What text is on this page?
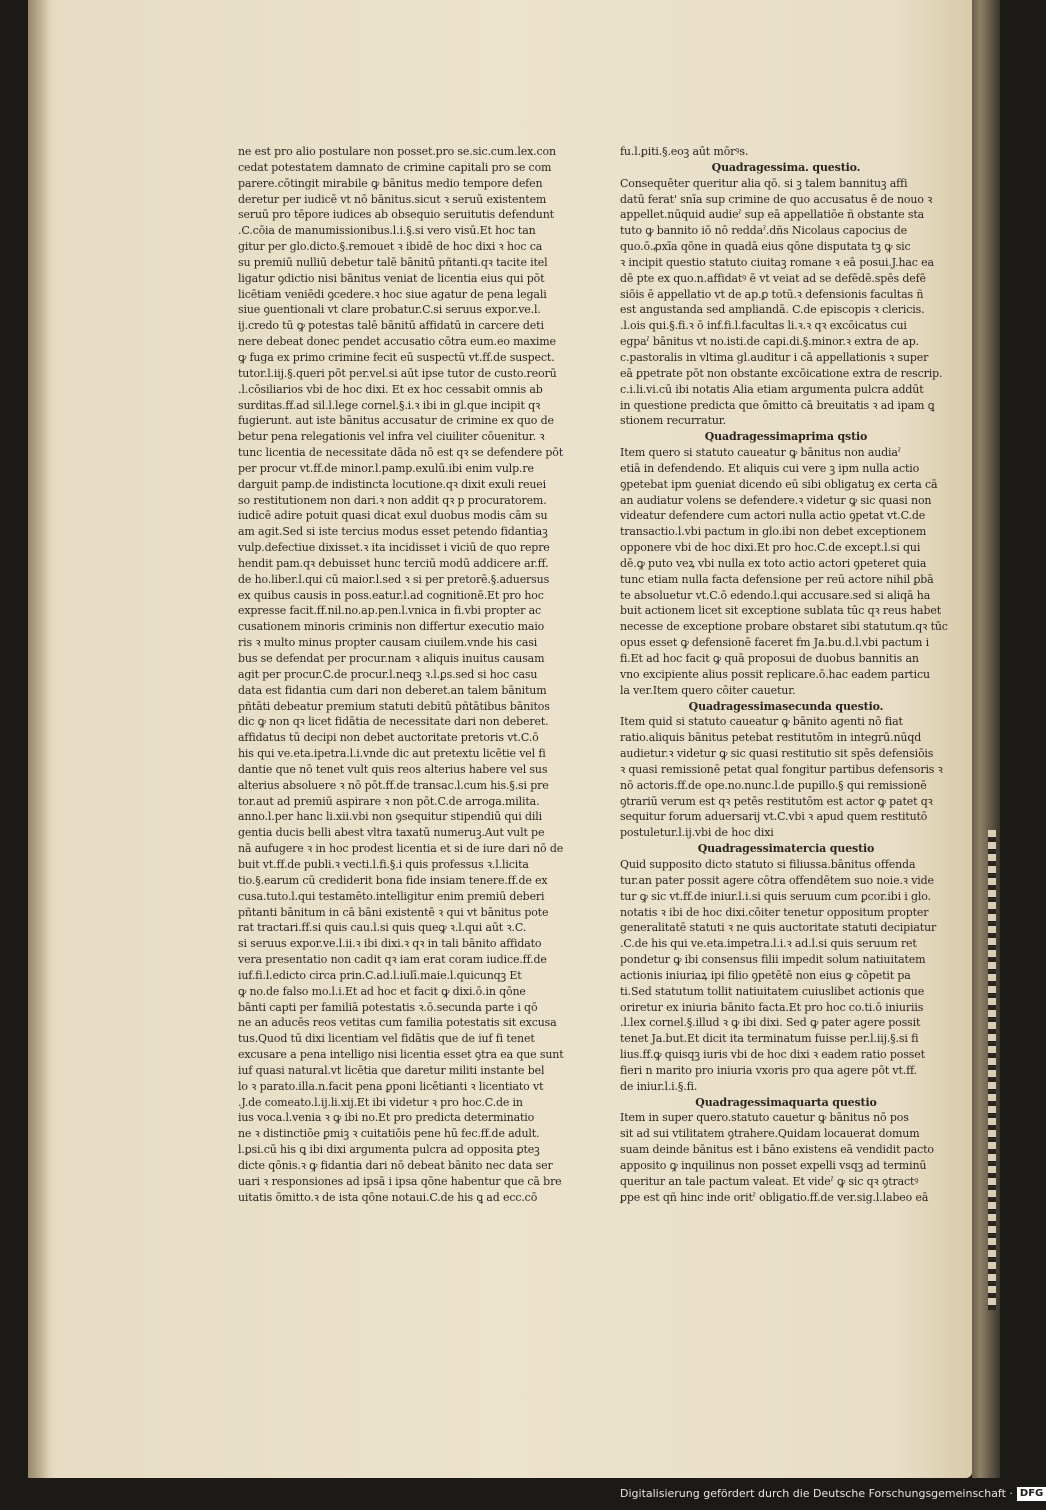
ne est pro alio postulare non posset.pro se.sic.cum.lex.con
cedat potestatem damnato de crimine capitali pro se com
parere.cōtingit mirabile ꝙ bānitus medio tempore defen
deretur per iudicē vt nō bānitus.sicut ꝛ seruū existentem
seruū pro tēpore iudices ab obsequio seruitutis defendunt
.C.cōia de manumissionibus.l.i.§.si vero visū.Et hoc tan
gitur per glo.dicto.§.remouet ꝛ ibidē de hoc dixi ꝛ hoc ca
su premiū nulliū debetur talē bānitū pñtanti.qꝛ tacite itel
ligatur ꝯdictio nisi bānitus veniat de licentia eius qui pōt
licētiam veniēdi ꝯcedere.ꝛ hoc siue agatur de pena legali
siue ꝯuentionali vt clare probatur.C.si seruus expor.ve.l.
ij.credo tū ꝙ potestas talē bānitū affidatū in carcere deti
nere debeat donec pendet accusatio cōtra eum.eo maxime
ꝙ fuga ex primo crimine fecit eū suspectū vt.ff.de suspect.
tutor.l.iij.§.queri pōt per.vel.si aūt ipse tutor de custo.reorū
.l.cōsiliarios vbi de hoc dixi. Et ex hoc cessabit omnis ab
surditas.ff.ad sil.l.lege cornel.§.i.ꝛ ibi in gl.que incipit qꝛ
fugierunt. aut iste bānitus accusatur de crimine ex quo de
betur pena relegationis vel infra vel ciuiliter cōuenitur. ꝛ
tunc licentia de necessitate dāda nō est qꝛ se defendere pōt
per procur vt.ff.de minor.l.pamp.exulū.ibi enim vulp.re
darguit pamp.de indistincta locutione.qꝛ dixit exuli reuei
so restitutionem non dari.ꝛ non addit qꝛ p procuratorem.
iudicē adire potuit quasi dicat exul duobus modis cām su
am agit.Sed si iste tercius modus esset petendo fidantiaꝫ
vulp.defectiue dixisset.ꝛ ita incidisset i viciū de quo repre
hendit pam.qꝛ debuisset hunc terciū modū addicere ar.ff.
de ho.liber.l.qui cū maior.l.sed ꝛ si per pretorē.§.aduersus
ex quibus causis in poss.eatur.l.ad cognitionē.Et pro hoc
expresse facit.ff.nil.no.ap.pen.l.vnica in fi.vbi propter ac
cusationem minoris criminis non differtur executio maio
ris ꝛ multo minus propter causam ciuilem.vnde his casi
bus se defendat per procur.nam ꝛ aliquis inuitus causam
agit per procur.C.de procur.l.neqꝫ ꝛ.l.ꝑs.sed si hoc casu
data est fidantia cum dari non deberet.an talem bānitum
pñtāti debeatur premium statuti debitū pñtātibus bānitos
dic ꝙ non qꝛ licet fidātia de necessitate dari non deberet.
affidatus tū decipi non debet auctoritate pretoris vt.C.ō
his qui ve.eta.ipetra.l.i.vnde dic aut pretextu licētie vel fi
dantie que nō tenet vult quis reos alterius habere vel sus
alterius absoluere ꝛ nō pōt.ff.de transac.l.cum his.§.si pre
tor.aut ad premiū aspirare ꝛ non pōt.C.de arroga.milita.
anno.l.per hanc li.xii.vbi non ꝯsequitur stipendiū qui dili
gentia ducis belli abest vltra taxatū numeruꝫ.Aut vult pe
nā aufugere ꝛ in hoc prodest licentia et si de iure dari nō de
buit vt.ff.de publi.ꝛ vecti.l.fi.§.i quis professus ꝛ.l.licita
tio.§.earum cū crediderit bona fide insiam tenere.ff.de ex
cusa.tuto.l.qui testamēto.intelligitur enim premiū deberi
pñtanti bānitum in cā bāni existentē ꝛ qui vt bānitus pote
rat tractari.ff.si quis cau.l.si quis queꝙ ꝛ.l.qui aūt ꝛ.C.
si seruus expor.ve.l.ii.ꝛ ibi dixi.ꝛ qꝛ in tali bānito affidato
vera presentatio non cadit qꝛ iam erat coram iudice.ff.de
iuf.fi.l.edicto circa prin.C.ad.l.iulī.maie.l.quicunqꝫ Et
ꝙ no.de falso mo.l.i.Et ad hoc et facit ꝙ dixi.ō.in qōne
bānti capti per familiā potestatis ꝛ.ō.secunda parte i qō
ne an aducēs reos vetitas cum familia potestatis sit excusa
tus.Quod tū dixi licentiam vel fidātis que de iuf fi tenet
excusare a pena intelligo nisi licentia esset ꝯtra ea que sunt
iuf quasi natural.vt licētia que daretur militi instante bel
lo ꝛ parato.illa.n.facit pena ꝑponi licētianti ꝛ licentiato vt
.J.de comeato.l.ij.li.xij.Et ibi videtur ꝛ pro hoc.C.de in
ius voca.l.venia ꝛ ꝙ ibi no.Et pro predicta determinatio
ne ꝛ distinctiōe ꝑmiꝫ ꝛ cuitatiōis pene hū fec.ff.de adult.
l.ꝑsi.cū his ꝗ ibi dixi argumenta pulcra ad opposita ꝑteꝫ
dicte qōnis.ꝛ ꝙ fidantia dari nō debeat bānito nec data ser
uari ꝛ responsiones ad ipsā i ipsa qōne habentur que cā bre
uitatis ōmitto.ꝛ de ista qōne notaui.C.de his ꝗ ad ecc.cō
fu.l.ꝑiti.§.eoꝫ aūt mōrꝰs.
Quadragessima. questio.
Consequēter queritur alia qō. si ꝫ talem bannituꝫ affi
datū ferat' snīa sup crimine de quo accusatus ē de nouo ꝛ
appellet.nūquid audieˀ sup eā appellatiōe ñ obstante sta
tuto ꝙ bannito iō nō reddaˀ.dñs Nicolaus capocius de
quo.ō.ꝓxīa qōne in quadā eius qōne disputata tꝫ ꝙ sic
ꝛ incipit questio statuto ciuitaꝫ romane ꝛ eā posui.J.hac ea
dē pte ex quo.n.affidatꝰ ē vt veiat ad se defēdē.spēs defē
siōis ē appellatio vt de ap.ꝑ totū.ꝛ defensionis facultas ñ
est angustanda sed ampliandā. C.de episcopis ꝛ clericis.
.l.ois qui.§.fi.ꝛ ō inf.fi.l.facultas li.ꝛ.ꝛ qꝛ excōicatus cui
egpaˀ bānitus vt no.isti.de capi.di.§.minor.ꝛ extra de ap.
c.pastoralis in vltima gl.auditur i cā appellationis ꝛ super
eā ꝑpetrate pōt non obstante excōicatione extra de rescrip.
c.i.li.vi.cū ibi notatis Alia etiam argumenta pulcra addūt
in questione predicta que ōmitto cā breuitatis ꝛ ad ipam ꝗ
stionem recurratur.
Quadragessimaprima qstio
Item quero si statuto caueatur ꝙ bānitus non audiaˀ
etiā in defendendo. Et aliquis cui vere ꝫ ipm nulla actio
ꝯpetebat ipm ꝯueniat dicendo eū sibi obligatuꝫ ex certa cā
an audiatur volens se defendere.ꝛ videtur ꝙ sic quasi non
videatur defendere cum actori nulla actio ꝯpetat vt.C.de
transactio.l.vbi pactum in glo.ibi non debet exceptionem
opponere vbi de hoc dixi.Et pro hoc.C.de except.l.si qui
dē.ꝙ puto veꝝ vbi nulla ex toto actio actori ꝯpeteret quia
tunc etiam nulla facta defensione per reū actore nihil ꝑbā
te absoluetur vt.C.ō edendo.l.qui accusare.sed si aliqā ha
buit actionem licet sit exceptione sublata tūc qꝛ reus habet
necesse de exceptione probare obstaret sibi statutum.qꝛ tūc
opus esset ꝙ defensionē faceret fm Ja.bu.d.l.vbi pactum i
fi.Et ad hoc facit ꝙ quā proposui de duobus bannitis an
vno excipiente alius possit replicare.ō.hac eadem particu
la ver.Item quero cōiter cauetur.
Quadragessimasecunda questio.
Item quid si statuto caueatur ꝙ bānito agenti nō fiat
ratio.aliquis bānitus petebat restitutōm in integrū.nūqd
audietur.ꝛ videtur ꝙ sic quasi restitutio sit spēs defensiōis
ꝛ quasi remissionē petat qual fongitur partibus defensoris ꝛ
nō actoris.ff.de ope.no.nunc.l.de pupillo.§ qui remissionē
ꝯtrariū verum est qꝛ petēs restitutōm est actor ꝙ patet qꝛ
sequitur forum aduersarij vt.C.vbi ꝛ apud quem restitutō
postuletur.l.ij.vbi de hoc dixi
Quadragessimatercia questio
Quid supposito dicto statuto si filiussa.bānitus offenda
tur.an pater possit agere cōtra offendētem suo noie.ꝛ vide
tur ꝙ sic vt.ff.de iniur.l.i.si quis seruum cum ꝑcor.ibi i glo.
notatis ꝛ ibi de hoc dixi.cōiter tenetur oppositum propter
generalitatē statuti ꝛ ne quis auctoritate statuti decipiatur
.C.de his qui ve.eta.impetra.l.i.ꝛ ad.l.si quis seruum ret
pondetur ꝙ ibi consensus filii impedit solum natiuitatem
actionis iniuriaꝝ ipi filio ꝯpetētē non eius ꝙ cōpetit pa
ti.Sed statutum tollit natiuitatem cuiuslibet actionis que
oriretur ex iniuria bānito facta.Et pro hoc co.ti.ō iniuriis
.l.lex cornel.§.illud ꝛ ꝙ ibi dixi. Sed ꝙ pater agere possit
tenet Ja.but.Et dicit ita terminatum fuisse per.l.iij.§.si fi
lius.ff.ꝙ quisqꝫ iuris vbi de hoc dixi ꝛ eadem ratio posset
fieri n marito pro iniuria vxoris pro qua agere pōt vt.ff.
de iniur.l.i.§.fi.
Quadragessimaquarta questio
Item in super quero.statuto cauetur ꝙ bānitus nō pos
sit ad sui vtilitatem ꝯtrahere.Quidam locauerat domum
suam deinde bānitus est i bāno existens eā vendidit pacto
apposito ꝙ inquilinus non posset expelli vsqꝫ ad terminū
queritur an tale pactum valeat. Et videˀ ꝙ sic qꝛ ꝯtractꝰ
ꝑpe est qñ hinc inde oritˀ obligatio.ff.de ver.sig.l.labeo eā
Digitalisierung gefördert durch die Deutsche Forschungsgemeinschaft · DFG
